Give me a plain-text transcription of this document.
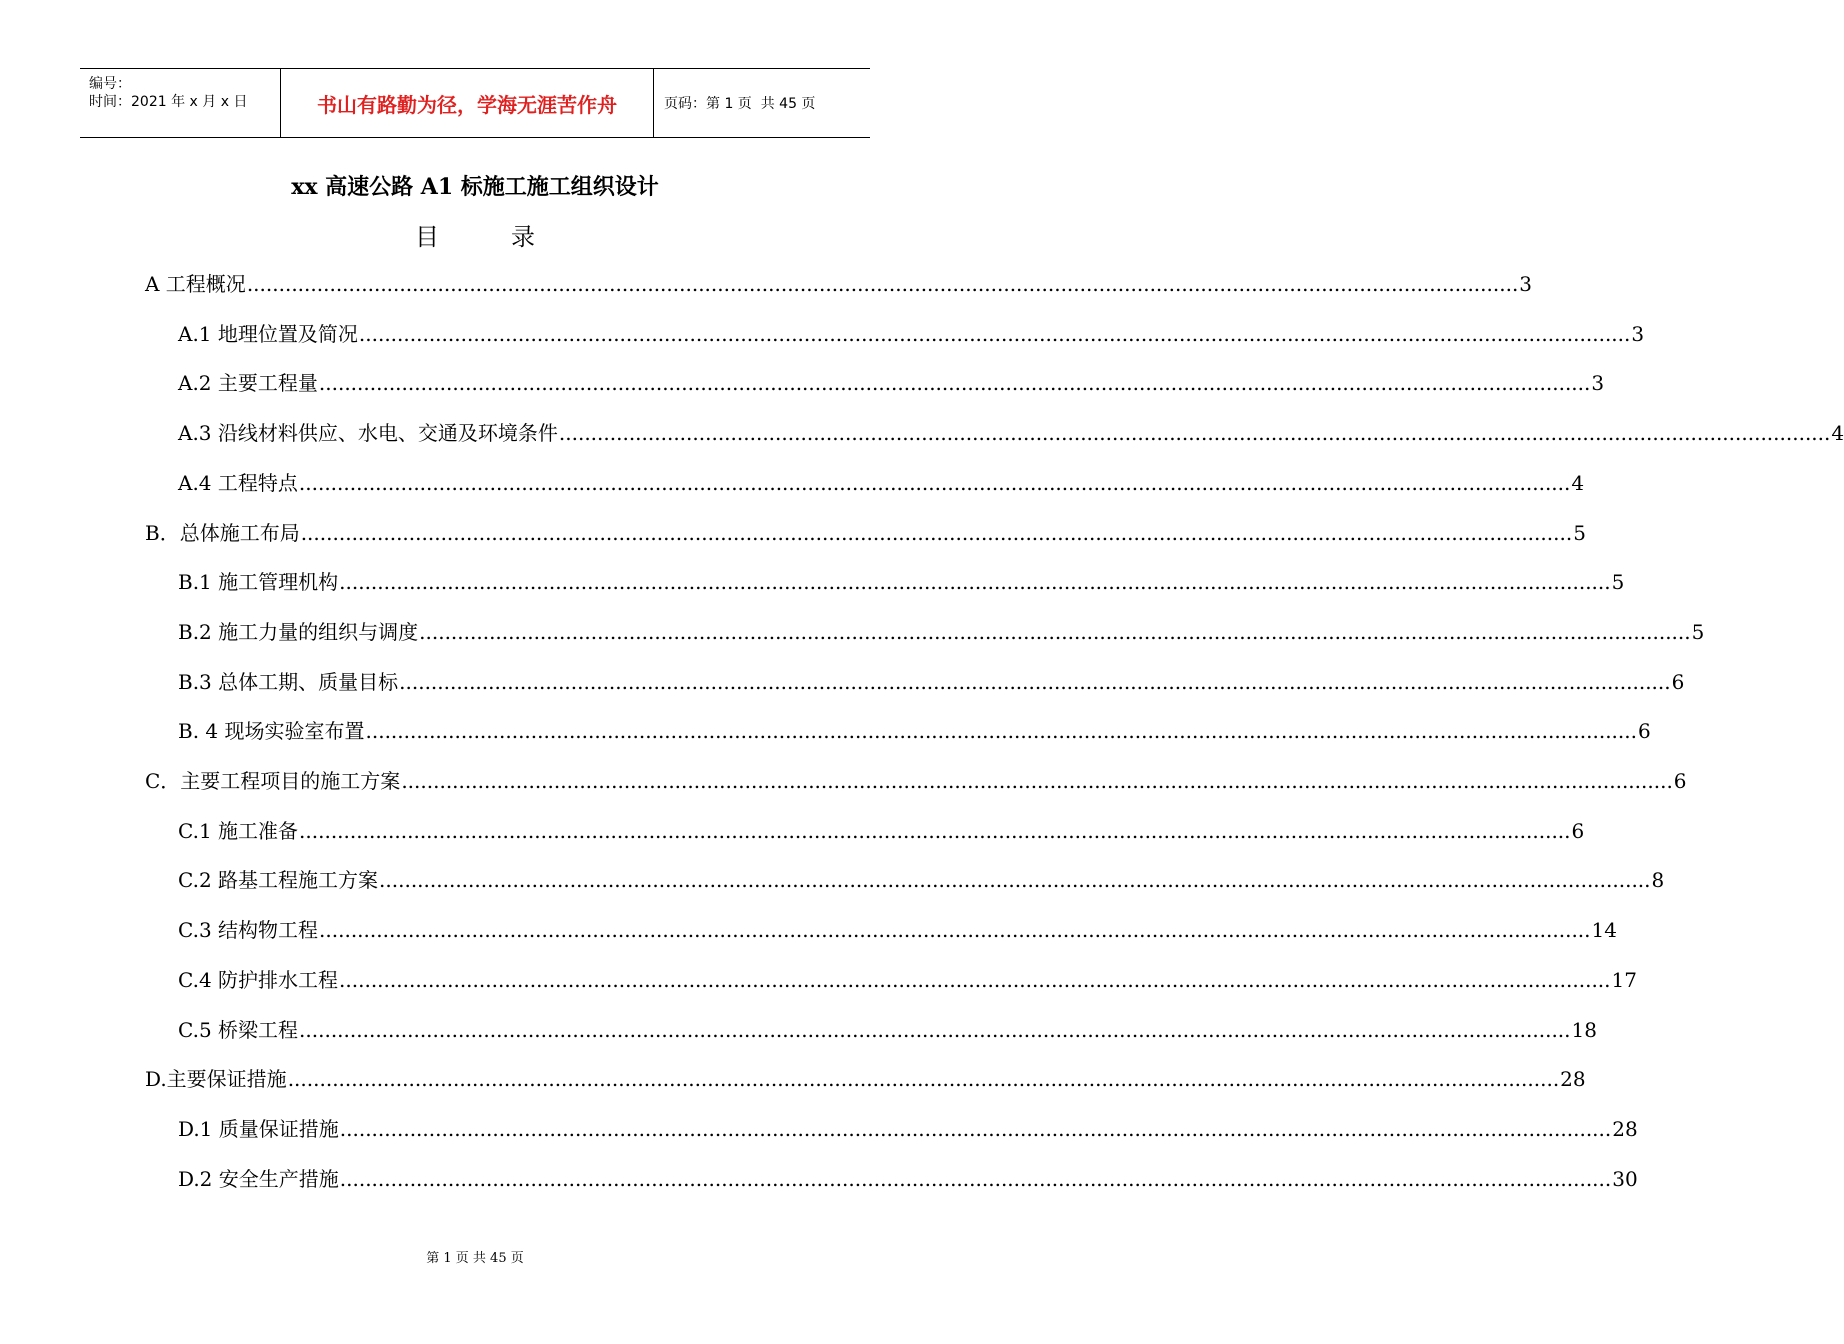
编号：
时间：2021 年 x 月 x 日	书山有路勤为径，学海无涯苦作舟	页码：第 1 页  共 45 页
xx 高速公路 A1 标施工施工组织设计
目	录
A 工程概况 ........................................................................................................................................................................................................ 3
A.1 地理位置及简况 ........................................................................................................................................................................................................ 3
A.2 主要工程量 ........................................................................................................................................................................................................ 3
A.3 沿线材料供应、水电、交通及环境条件 ........................................................................................................................................................................................................ 4
A.4 工程特点 ........................................................................................................................................................................................................ 4
B．总体施工布局 ........................................................................................................................................................................................................ 5
B.1 施工管理机构 ........................................................................................................................................................................................................ 5
B.2 施工力量的组织与调度 ........................................................................................................................................................................................................ 5
B.3 总体工期、质量目标 ........................................................................................................................................................................................................ 6
B. 4 现场实验室布置 ........................................................................................................................................................................................................ 6
C．主要工程项目的施工方案 ........................................................................................................................................................................................................ 6
C.1 施工准备 ........................................................................................................................................................................................................ 6
C.2 路基工程施工方案 ........................................................................................................................................................................................................ 8
C.3 结构物工程 ........................................................................................................................................................................................................ 14
C.4 防护排水工程 ........................................................................................................................................................................................................ 17
C.5 桥梁工程 ........................................................................................................................................................................................................ 18
D.主要保证措施 ........................................................................................................................................................................................................ 28
D.1 质量保证措施 ........................................................................................................................................................................................................ 28
D.2 安全生产措施 ........................................................................................................................................................................................................ 30
第 1 页 共 45 页
